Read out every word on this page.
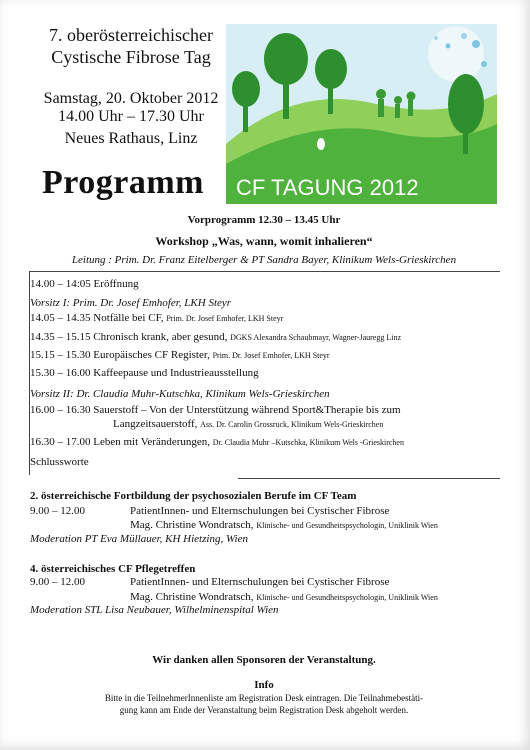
7. oberösterreichischer
Cystische Fibrose Tag
Samstag, 20. Oktober 2012
14.00 Uhr – 17.30 Uhr
Neues Rathaus, Linz
Programm CF TAGUNG 2012
Vorprogramm 12.30 – 13.45 Uhr
Workshop „Was, wann, womit inhalieren“
Leitung : Prim. Dr. Franz Eitelberger & PT Sandra Bayer, Klinikum Wels-Grieskirchen
14.00 – 14:05 Eröffnung
Vorsitz I: Prim. Dr. Josef Emhofer, LKH Steyr
14.05 – 14.35 Notfälle bei CF, Prim. Dr. Josef Emhofer, LKH Steyr
14.35 – 15.15 Chronisch krank, aber gesund, DGKS Alexandra Schaubmayr, Wagner-Jauregg Linz
15.15 – 15.30 Europäisches CF Register, Prim. Dr. Josef Emhofer, LKH Steyr
15.30 – 16.00 Kaffeepause und Industrieausstellung
Vorsitz II: Dr. Claudia Muhr-Kutschka, Klinikum Wels-Grieskirchen
16.00 – 16.30 Sauerstoff – Von der Unterstützung während Sport&Therapie bis zum
Langzeitsauerstoff, Ass. Dr. Carolin Grossruck, Klinikum Wels-Grieskirchen
16.30 – 17.00 Leben mit Veränderungen, Dr. Claudia Muhr –Kutschka, Klinikum Wels -Grieskirchen
Schlussworte
2. österreichische Fortbildung der psychosozialen Berufe im CF Team
9.00 – 12.00	PatientInnen- und Elternschulungen bei Cystischer Fibrose
Mag. Christine Wondratsch, Klinische- und Gesundheitspsychologin, Uniklinik Wien
Moderation PT Eva Müllauer, KH Hietzing, Wien
4. österreichisches CF Pflegetreffen
9.00 – 12.00	PatientInnen- und Elternschulungen bei Cystischer Fibrose
Mag. Christine Wondratsch, Klinische- und Gesundheitspsychologin, Uniklinik Wien
Moderation STL Lisa Neubauer, Wilhelminenspital Wien
Wir danken allen Sponsoren der Veranstaltung.
Info
Bitte in die TeilnehmerInnenliste am Registration Desk eintragen. Die Teilnahmebestäti-
gung kann am Ende der Veranstaltung beim Registration Desk abgeholt werden.
